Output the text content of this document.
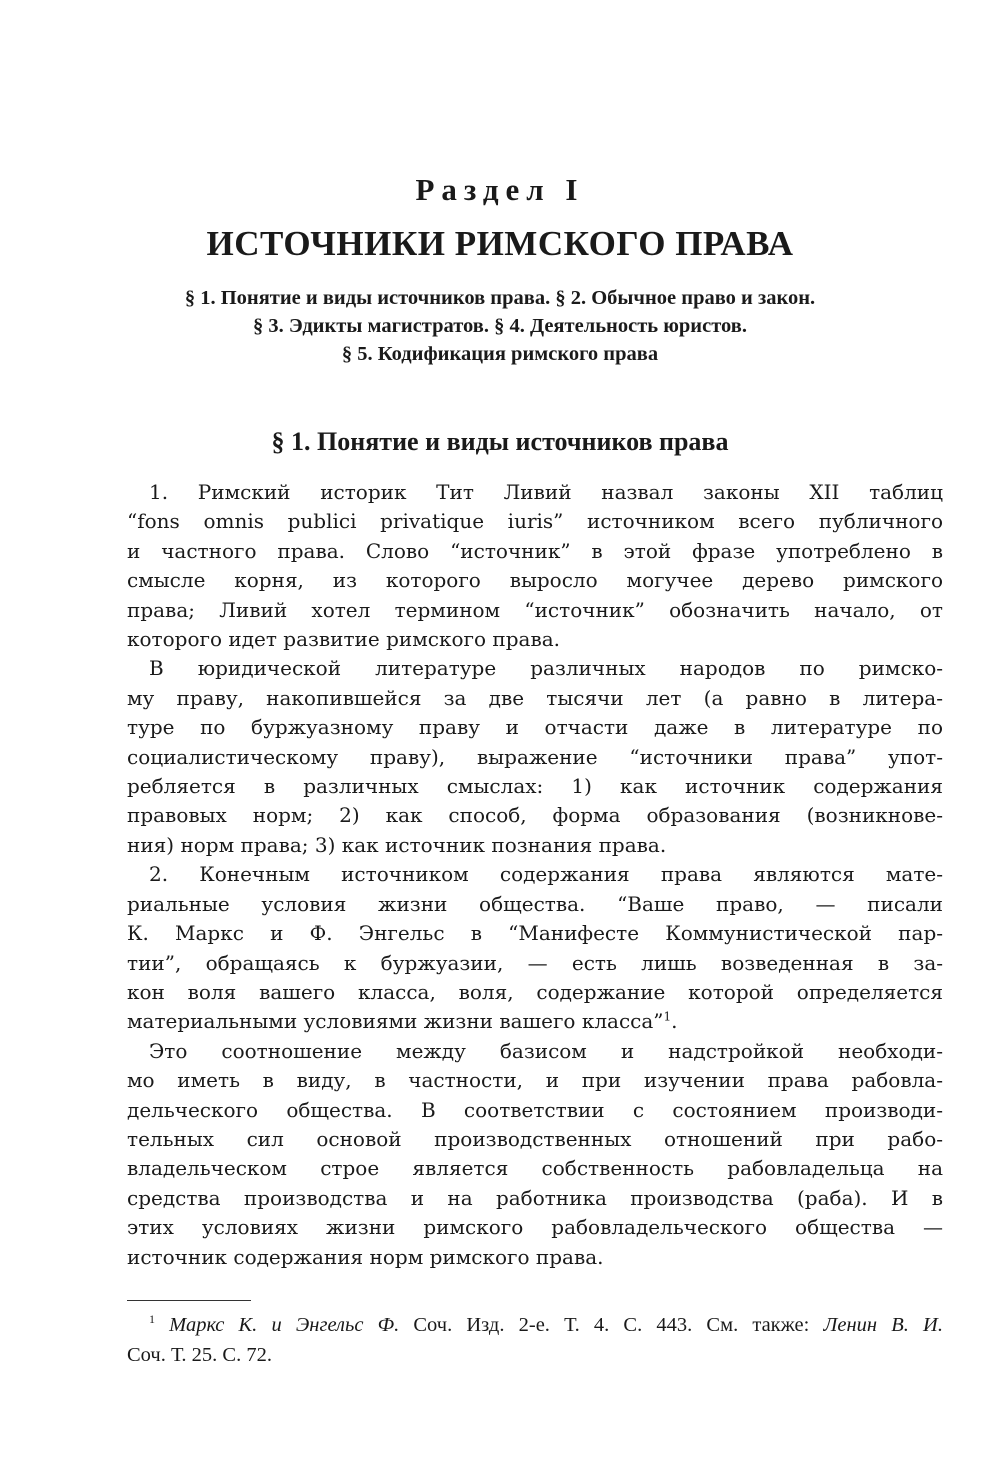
Раздел I
ИСТОЧНИКИ РИМСКОГО ПРАВА
§ 1. Понятие и виды источников права. § 2. Обычное право и закон.
§ 3. Эдикты магистратов. § 4. Деятельность юристов.
§ 5. Кодификация римского права
§ 1. Понятие и виды источников права
1. Римский историк Тит Ливий назвал законы XII таблиц
“fons omnis publici privatique iuris” источником всего публичного
и частного права. Слово “источник” в этой фразе употреблено в
смысле корня, из которого выросло могучее дерево римского
права; Ливий хотел термином “источник” обозначить начало, от
которого идет развитие римского права.
В юридической литературе различных народов по римско-
му праву, накопившейся за две тысячи лет (а равно в литера-
туре по буржуазному праву и отчасти даже в литературе по
социалистическому праву), выражение “источники права” упот-
ребляется в различных смыслах: 1) как источник содержания
правовых норм; 2) как способ, форма образования (возникнове-
ния) норм права; 3) как источник познания права.
2. Конечным источником содержания права являются мате-
риальные условия жизни общества. “Ваше право, — писали
К. Маркс и Ф. Энгельс в “Манифесте Коммунистической пар-
тии”, обращаясь к буржуазии, — есть лишь возведенная в за-
кон воля вашего класса, воля, содержание которой определяется
материальными условиями жизни вашего класса”$^1$.
Это соотношение между базисом и надстройкой необходи-
мо иметь в виду, в частности, и при изучении права рабовла-
дельческого общества. В соответствии с состоянием производи-
тельных сил основой производственных отношений при рабо-
владельческом строе является собственность рабовладельца на
средства производства и на работника производства (раба). И в
этих условиях жизни римского рабовладельческого общества —
источник содержания норм римского права.
$^1$ Маркс К. и Энгельс Ф. Соч. Изд. 2-е. Т. 4. С. 443. См. также: Ленин В. И.
Соч. Т. 25. С. 72.
